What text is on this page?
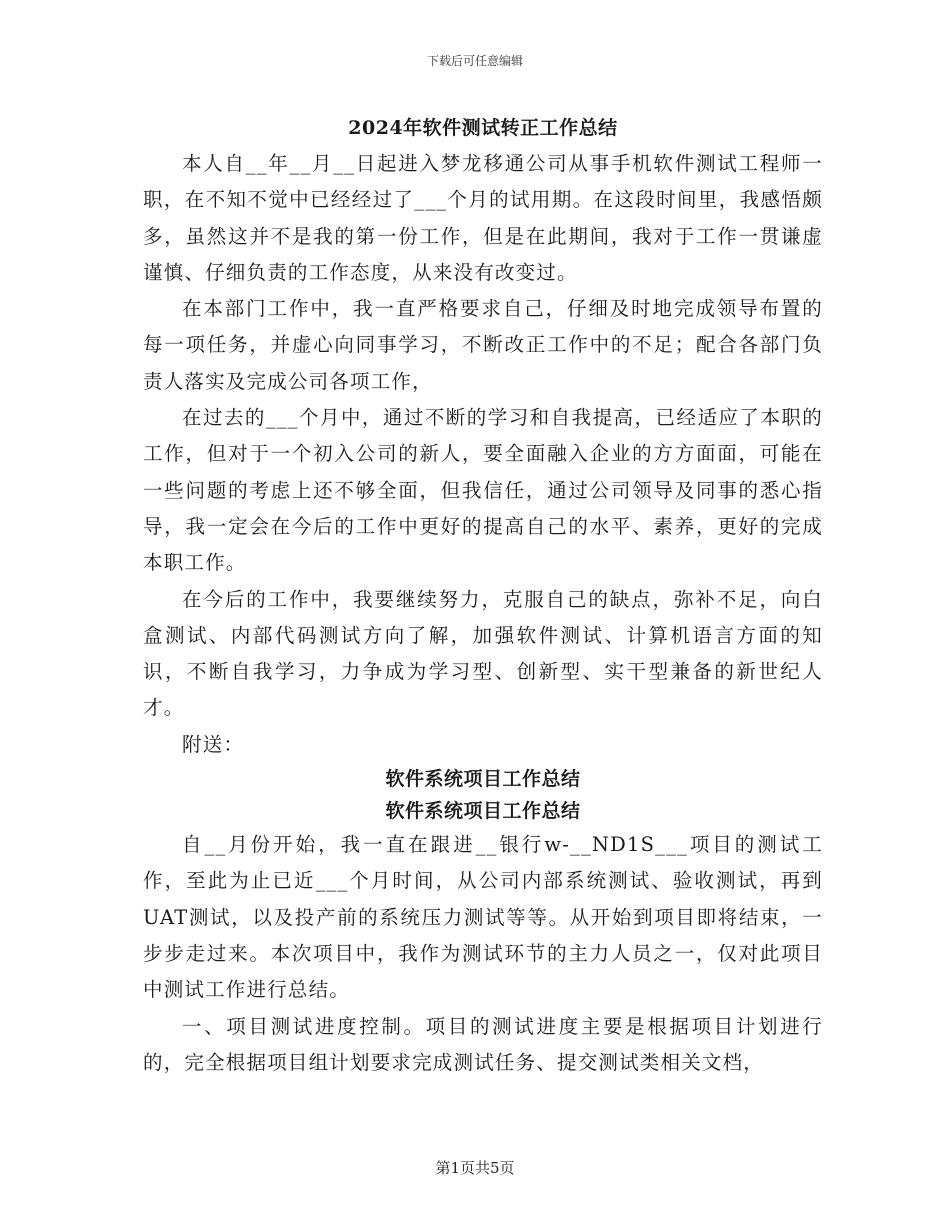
下载后可任意编辑
2024年软件测试转正工作总结

本人自__年__月__日起进入梦龙移通公司从事手机软件测试工程师一职，在不知不觉中已经经过了___个月的试用期。在这段时间里，我感悟颇多，虽然这并不是我的第一份工作，但是在此期间，我对于工作一贯谦虚谨慎、仔细负责的工作态度，从来没有改变过。

在本部门工作中，我一直严格要求自己，仔细及时地完成领导布置的每一项任务，并虚心向同事学习，不断改正工作中的不足；配合各部门负责人落实及完成公司各项工作，

在过去的___个月中，通过不断的学习和自我提高，已经适应了本职的工作，但对于一个初入公司的新人，要全面融入企业的方方面面，可能在一些问题的考虑上还不够全面，但我信任，通过公司领导及同事的悉心指导，我一定会在今后的工作中更好的提高自己的水平、素养，更好的完成本职工作。

在今后的工作中，我要继续努力，克服自己的缺点，弥补不足，向白盒测试、内部代码测试方向了解，加强软件测试、计算机语言方面的知识，不断自我学习，力争成为学习型、创新型、实干型兼备的新世纪人才。

附送：

软件系统项目工作总结
软件系统项目工作总结

自__月份开始，我一直在跟进__银行w-__ND1S___项目的测试工作，至此为止已近___个月时间，从公司内部系统测试、验收测试，再到UAT测试，以及投产前的系统压力测试等等。从开始到项目即将结束，一步步走过来。本次项目中，我作为测试环节的主力人员之一，仅对此项目中测试工作进行总结。

一、项目测试进度控制。项目的测试进度主要是根据项目计划进行的，完全根据项目组计划要求完成测试任务、提交测试类相关文档，

第1页共5页
